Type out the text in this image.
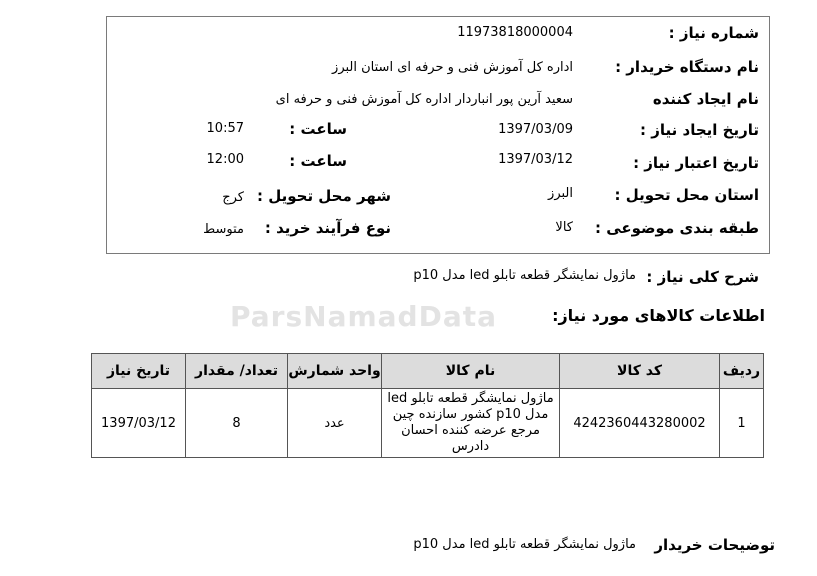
ParsNamadData
شماره نیاز :
11973818000004
نام دستگاه خریدار :
اداره کل آموزش فنی و حرفه ای استان البرز
نام ایجاد کننده
سعید آرین پور انباردار اداره کل آموزش فنی و حرفه ای
تاریخ ایجاد نیاز :
1397/03/09
ساعت :
10:57
تاریخ اعتبار نیاز :
1397/03/12
ساعت :
12:00
استان محل تحویل :
البرز
شهر محل تحویل :
کرج
طبقه بندی موضوعی :
کالا
نوع فرآیند خرید :
متوسط
شرح کلی نیاز :
ماژول نمایشگر قطعه تابلو led مدل p10
اطلاعات کالاهای مورد نیاز:
ردیف	کد کالا	نام کالا	واحد شمارش	تعداد/ مقدار	تاریخ نیاز
1	4242360443280002	ماژول نمایشگر قطعه تابلو led مدل p10 کشور سازنده چین مرجع عرضه کننده احسان دادرس	عدد	8	1397/03/12
توضیحات خریدار
ماژول نمایشگر قطعه تابلو led مدل p10
